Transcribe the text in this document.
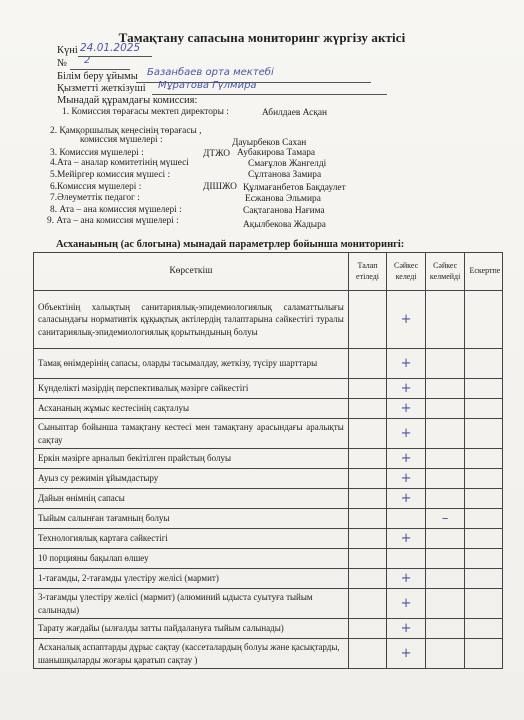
Тамақтану сапасына мониторинг жүргізу актісі
Күні 24.01.2025
№ 2
Білім беру ұйымы Базанбаев орта мектебі
Қызметті жеткізуші Мұратова Гүлмира
Мынадай құрамдағы комиссия:
1. Комиссия төрағасы мектеп директоры :	Абилдаев Асқан
2. Қамқоршылық кеңесінің төрағасы ,
комиссия мүшелері :	Дауырбеков Сахан
3. Комиссия мүшелері :	ДТЖО Аубакирова Тамара
4.Ата – аналар комитетінің мүшесі	Смағұлов Жангелді
5.Мейіргер комиссия мүшесі :	Сұлтанова Замира
6.Комиссия мүшелері :	ДІШЖО Құлмағанбетов Бақдаулет
7.Әлеуметтік педагог :	Есжанова Эльмира
8. Ата – ана комиссия мүшелері :	Сақтаганова Нағима
9. Ата – ана комиссия мүшелері :	Ақылбекова Жадыра
Асханаының (ас блогына) мынадай параметрлер бойынша мониторингі:
Көрсеткіш	Талап етіледі	Сәйкес келеді	Сәйкес келмейді	Ескертпе
Объектінің халықтың санитариялық-эпидемиологиялық саламаттылығы саласындағы нормативтік құқықтық актілердің талаптарына сәйкестігі туралы санитариялық-эпидемиологиялық қорытындының болуы		+		
Тамақ өнімдерінің сапасы, оларды тасымалдау, жеткізу, түсіру шарттары		+		
Күнделікті мәзірдің перспективалық мәзірге сәйкестігі		+		
Асхананың жұмыс кестесінің сақталуы		+		
Сыныптар бойынша тамақтану кестесі мен тамақтану арасындағы аралықты сақтау		+		
Еркін мәзірге арналып бекітілген прайстың болуы		+		
Ауыз су режимін ұйымдастыру		+		
Дайын өнімнің сапасы		+		
Тыйым салынған тағамның болуы			–	
Технологиялық картаға сәйкестігі		+		
10 порцияны бақылап өлшеу				
1-тағамды, 2-тағамды үлестіру желісі (мармит)		+		
3-тағамды үлестіру желісі (мармит) (алюминий ыдыста суытуға тыйым салынады)		+		
Тарату жағдайы (ылғалды затты пайдалануға тыйым салынады)		+		
Асханалық аспаптарды дұрыс сақтау (кассеталардың болуы және қасықтарды, шанышқыларды жоғары қаратып сақтау )		+		
